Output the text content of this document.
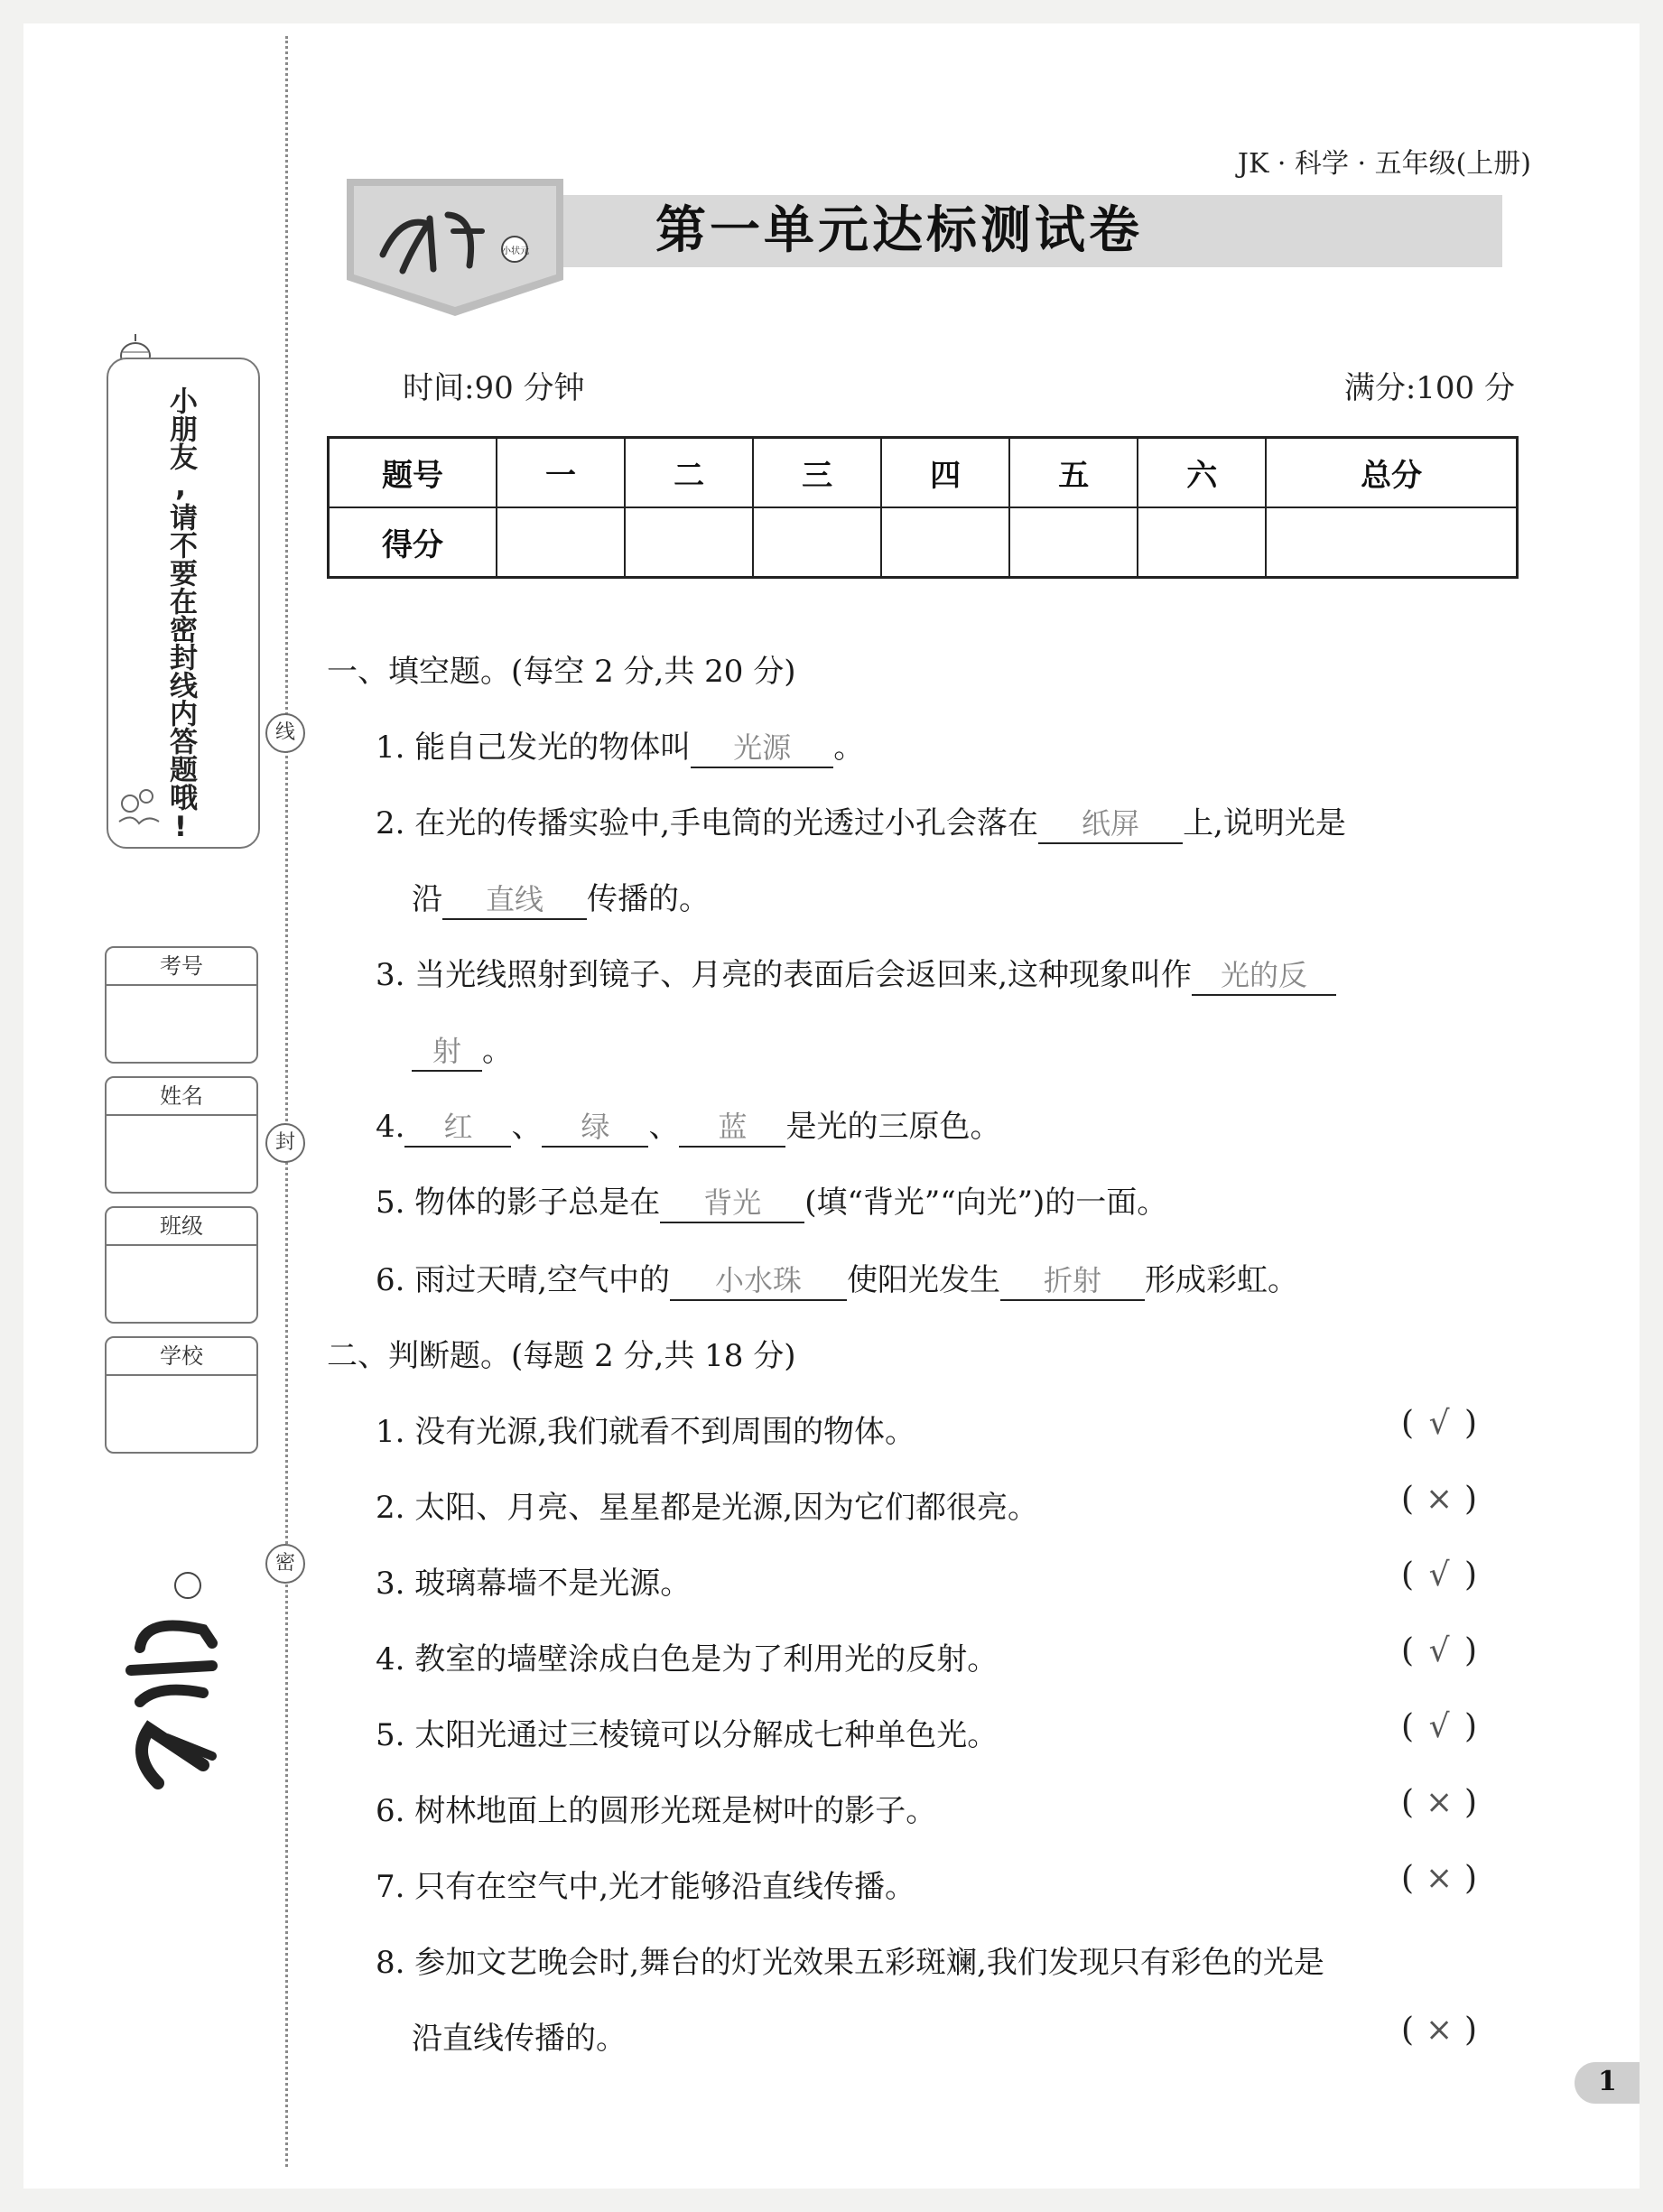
线
封
密
小朋友,请不要在密封线内答题哦!
考号
姓名
班级
学校
JK · 科学 · 五年级(上册)
小状元	第一单元达标测试卷
时间:90 分钟	满分:100 分
题号	一	二	三	四	五	六	总分
得分							
一、填空题。(每空 2 分,共 20 分)
1. 能自己发光的物体叫 光源 。
2. 在光的传播实验中,手电筒的光透过小孔会落在 纸屏 上,说明光是
沿 直线 传播的。
3. 当光线照射到镜子、月亮的表面后会返回来,这种现象叫作 光的反
射 。
4. 红 、 绿 、 蓝 是光的三原色。
5. 物体的影子总是在 背光 (填“背光”“向光”)的一面。
6. 雨过天晴,空气中的 小水珠 使阳光发生 折射 形成彩虹。
二、判断题。(每题 2 分,共 18 分)
1. 没有光源,我们就看不到周围的物体。	( √ )
2. 太阳、月亮、星星都是光源,因为它们都很亮。	( × )
3. 玻璃幕墙不是光源。	( √ )
4. 教室的墙壁涂成白色是为了利用光的反射。	( √ )
5. 太阳光通过三棱镜可以分解成七种单色光。	( √ )
6. 树林地面上的圆形光斑是树叶的影子。	( × )
7. 只有在空气中,光才能够沿直线传播。	( × )
8. 参加文艺晚会时,舞台的灯光效果五彩斑斓,我们发现只有彩色的光是
沿直线传播的。	( × )
1
